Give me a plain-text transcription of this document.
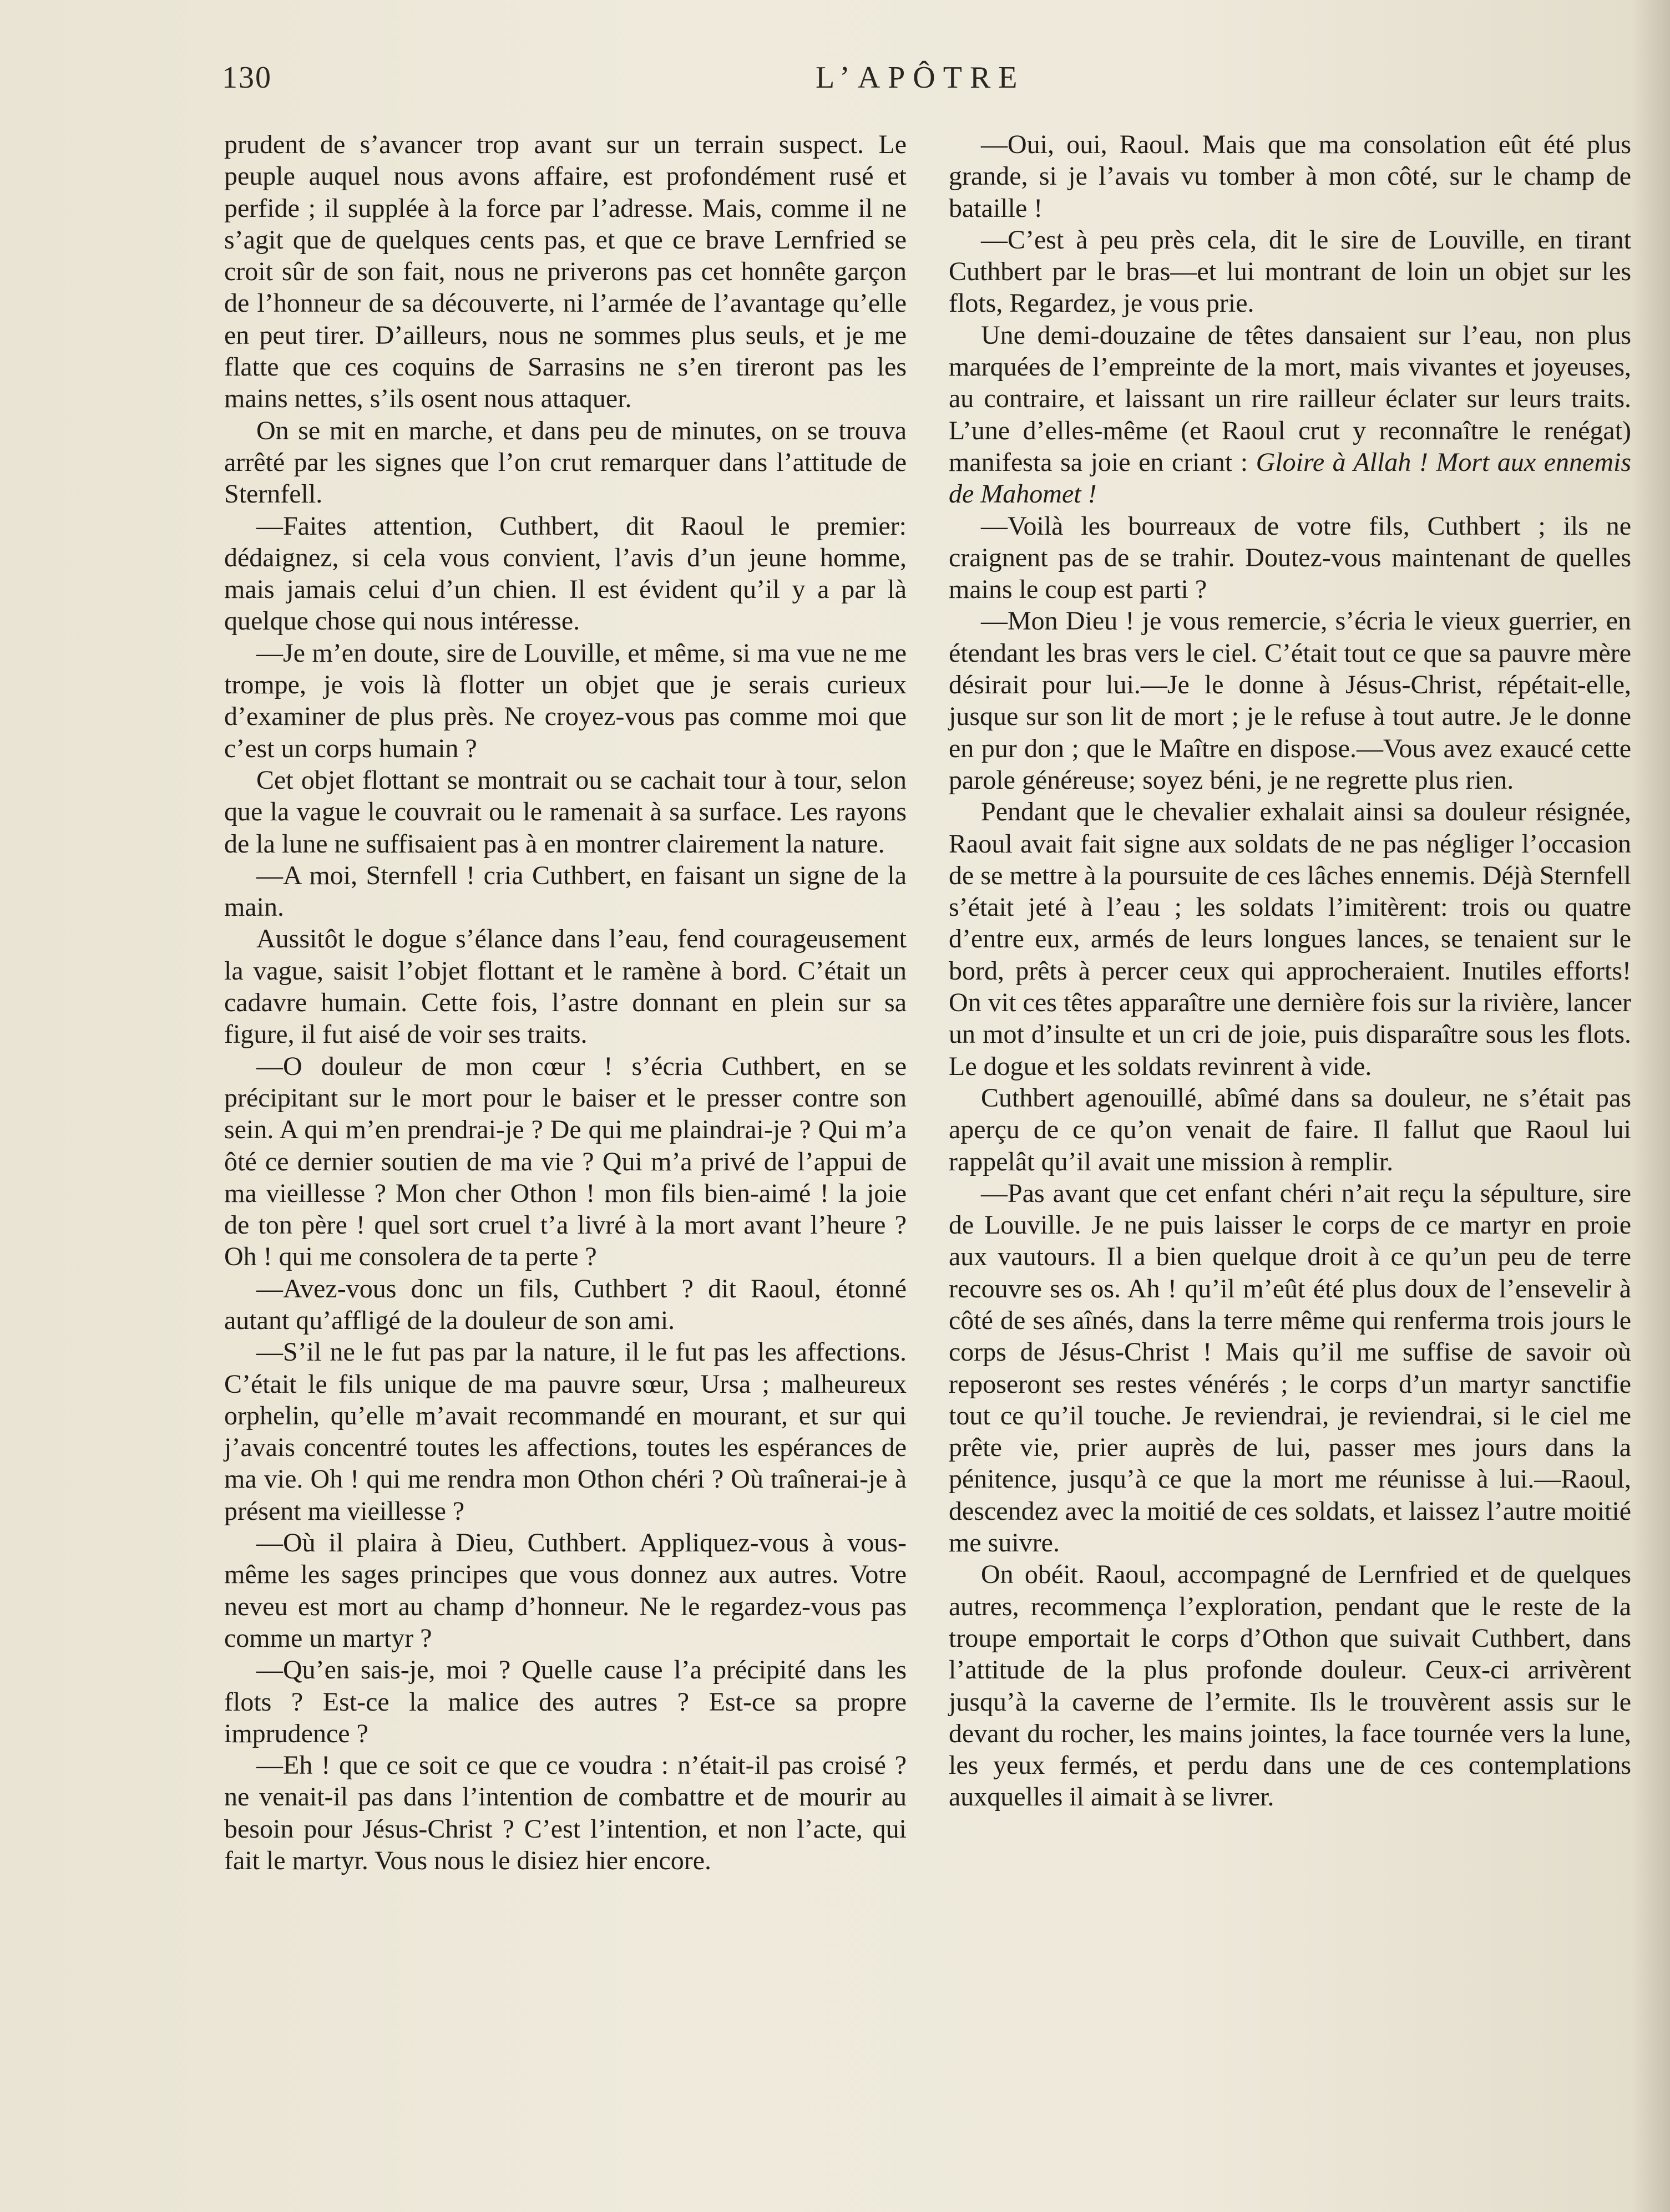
130	L’APÔTRE

prudent de s’avancer trop avant sur un terrain suspect. Le peuple auquel nous avons affaire, est profondément rusé et perfide ; il supplée à la force par l’adresse. Mais, comme il ne s’agit que de quelques cents pas, et que ce brave Lernfried se croit sûr de son fait, nous ne priverons pas cet honnête garçon de l’honneur de sa découverte, ni l’armée de l’avantage qu’elle en peut tirer. D’ailleurs, nous ne sommes plus seuls, et je me flatte que ces coquins de Sarrasins ne s’en tireront pas les mains nettes, s’ils osent nous attaquer.

On se mit en marche, et dans peu de minutes, on se trouva arrêté par les signes que l’on crut remarquer dans l’attitude de Sternfell.

—Faites attention, Cuthbert, dit Raoul le premier: dédaignez, si cela vous convient, l’avis d’un jeune homme, mais jamais celui d’un chien. Il est évident qu’il y a par là quelque chose qui nous intéresse.

—Je m’en doute, sire de Louville, et même, si ma vue ne me trompe, je vois là flotter un objet que je serais curieux d’examiner de plus près. Ne croyez-vous pas comme moi que c’est un corps humain ?

Cet objet flottant se montrait ou se cachait tour à tour, selon que la vague le couvrait ou le ramenait à sa surface. Les rayons de la lune ne suffisaient pas à en montrer clairement la nature.

—A moi, Sternfell ! cria Cuthbert, en faisant un signe de la main.

Aussitôt le dogue s’élance dans l’eau, fend courageusement la vague, saisit l’objet flottant et le ramène à bord. C’était un cadavre humain. Cette fois, l’astre donnant en plein sur sa figure, il fut aisé de voir ses traits.

—O douleur de mon cœur ! s’écria Cuthbert, en se précipitant sur le mort pour le baiser et le presser contre son sein. A qui m’en prendrai-je ? De qui me plaindrai-je ? Qui m’a ôté ce dernier soutien de ma vie ? Qui m’a privé de l’appui de ma vieillesse ? Mon cher Othon ! mon fils bien-aimé ! la joie de ton père ! quel sort cruel t’a livré à la mort avant l’heure ? Oh ! qui me consolera de ta perte ?

—Avez-vous donc un fils, Cuthbert ? dit Raoul, étonné autant qu’affligé de la douleur de son ami.

—S’il ne le fut pas par la nature, il le fut pas les affections. C’était le fils unique de ma pauvre sœur, Ursa ; malheureux orphelin, qu’elle m’avait recommandé en mourant, et sur qui j’avais concentré toutes les affections, toutes les espérances de ma vie. Oh ! qui me rendra mon Othon chéri ? Où traînerai-je à présent ma vieillesse ?

—Où il plaira à Dieu, Cuthbert. Appliquez-vous à vous-même les sages principes que vous donnez aux autres. Votre neveu est mort au champ d’honneur. Ne le regardez-vous pas comme un martyr ?

—Qu’en sais-je, moi ? Quelle cause l’a précipité dans les flots ? Est-ce la malice des autres ? Est-ce sa propre imprudence ?

—Eh ! que ce soit ce que ce voudra : n’était-il pas croisé ? ne venait-il pas dans l’intention de combattre et de mourir au besoin pour Jésus-Christ ? C’est l’intention, et non l’acte, qui fait le martyr. Vous nous le disiez hier encore.

—Oui, oui, Raoul. Mais que ma consolation eût été plus grande, si je l’avais vu tomber à mon côté, sur le champ de bataille !

—C’est à peu près cela, dit le sire de Louville, en tirant Cuthbert par le bras—et lui montrant de loin un objet sur les flots, Regardez, je vous prie.

Une demi-douzaine de têtes dansaient sur l’eau, non plus marquées de l’empreinte de la mort, mais vivantes et joyeuses, au contraire, et laissant un rire railleur éclater sur leurs traits. L’une d’elles-même (et Raoul crut y reconnaître le renégat) manifesta sa joie en criant : Gloire à Allah ! Mort aux ennemis de Mahomet !

—Voilà les bourreaux de votre fils, Cuthbert ; ils ne craignent pas de se trahir. Doutez-vous maintenant de quelles mains le coup est parti ?

—Mon Dieu ! je vous remercie, s’écria le vieux guerrier, en étendant les bras vers le ciel. C’était tout ce que sa pauvre mère désirait pour lui.—Je le donne à Jésus-Christ, répétait-elle, jusque sur son lit de mort ; je le refuse à tout autre. Je le donne en pur don ; que le Maître en dispose.—Vous avez exaucé cette parole généreuse; soyez béni, je ne regrette plus rien.

Pendant que le chevalier exhalait ainsi sa douleur résignée, Raoul avait fait signe aux soldats de ne pas négliger l’occasion de se mettre à la poursuite de ces lâches ennemis. Déjà Sternfell s’était jeté à l’eau ; les soldats l’imitèrent: trois ou quatre d’entre eux, armés de leurs longues lances, se tenaient sur le bord, prêts à percer ceux qui approcheraient. Inutiles efforts! On vit ces têtes apparaître une dernière fois sur la rivière, lancer un mot d’insulte et un cri de joie, puis disparaître sous les flots. Le dogue et les soldats revinrent à vide.

Cuthbert agenouillé, abîmé dans sa douleur, ne s’était pas aperçu de ce qu’on venait de faire. Il fallut que Raoul lui rappelât qu’il avait une mission à remplir.

—Pas avant que cet enfant chéri n’ait reçu la sépulture, sire de Louville. Je ne puis laisser le corps de ce martyr en proie aux vautours. Il a bien quelque droit à ce qu’un peu de terre recouvre ses os. Ah ! qu’il m’eût été plus doux de l’ensevelir à côté de ses aînés, dans la terre même qui renferma trois jours le corps de Jésus-Christ ! Mais qu’il me suffise de savoir où reposeront ses restes vénérés ; le corps d’un martyr sanctifie tout ce qu’il touche. Je reviendrai, je reviendrai, si le ciel me prête vie, prier auprès de lui, passer mes jours dans la pénitence, jusqu’à ce que la mort me réunisse à lui.—Raoul, descendez avec la moitié de ces soldats, et laissez l’autre moitié me suivre.

On obéit. Raoul, accompagné de Lernfried et de quelques autres, recommença l’exploration, pendant que le reste de la troupe emportait le corps d’Othon que suivait Cuthbert, dans l’attitude de la plus profonde douleur. Ceux-ci arrivèrent jusqu’à la caverne de l’ermite. Ils le trouvèrent assis sur le devant du rocher, les mains jointes, la face tournée vers la lune, les yeux fermés, et perdu dans une de ces contemplations auxquelles il aimait à se livrer.
